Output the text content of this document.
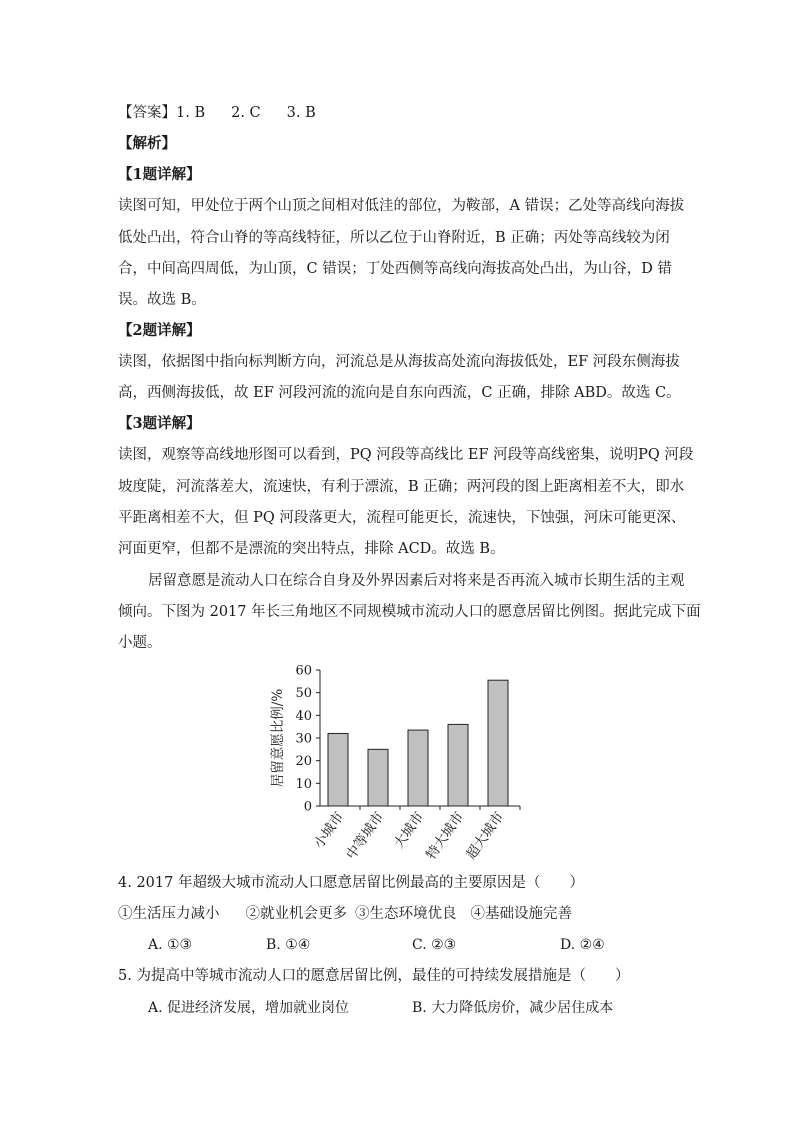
【答案】1. B 2. C 3. B
【解析】
【1题详解】
读图可知，甲处位于两个山顶之间相对低洼的部位，为鞍部，A 错误；乙处等高线向海拔
低处凸出，符合山脊的等高线特征，所以乙位于山脊附近，B 正确；丙处等高线较为闭
合，中间高四周低，为山顶，C 错误；丁处西侧等高线向海拔高处凸出，为山谷，D 错
误。故选 B。
【2题详解】
读图，依据图中指向标判断方向，河流总是从海拔高处流向海拔低处，EF 河段东侧海拔
高，西侧海拔低，故 EF 河段河流的流向是自东向西流，C 正确，排除 ABD。故选 C。
【3题详解】
读图，观察等高线地形图可以看到，PQ 河段等高线比 EF 河段等高线密集，说明PQ 河段
坡度陡，河流落差大，流速快，有利于漂流，B 正确；两河段的图上距离相差不大，即水
平距离相差不大，但 PQ 河段落更大，流程可能更长，流速快，下蚀强，河床可能更深、
河面更窄，但都不是漂流的突出特点，排除 ACD。故选 B。
居留意愿是流动人口在综合自身及外界因素后对将来是否再流入城市长期生活的主观
倾向。下图为 2017 年长三角地区不同规模城市流动人口的愿意居留比例图。据此完成下面
小题。
0
10
20
30
40
50
60
居留意愿比例/%
小城市
中等城市 大城市
特大城市
超大城市
4. 2017 年超级大城市流动人口愿意居留比例最高的主要原因是（　　）
①生活压力减小 ②就业机会更多 ③生态环境优良 ④基础设施完善
A. ①③	B. ①④	C. ②③	D. ②④
5. 为提高中等城市流动人口的愿意居留比例，最佳的可持续发展措施是（　　）
A. 促进经济发展，增加就业岗位	B. 大力降低房价，减少居住成本
